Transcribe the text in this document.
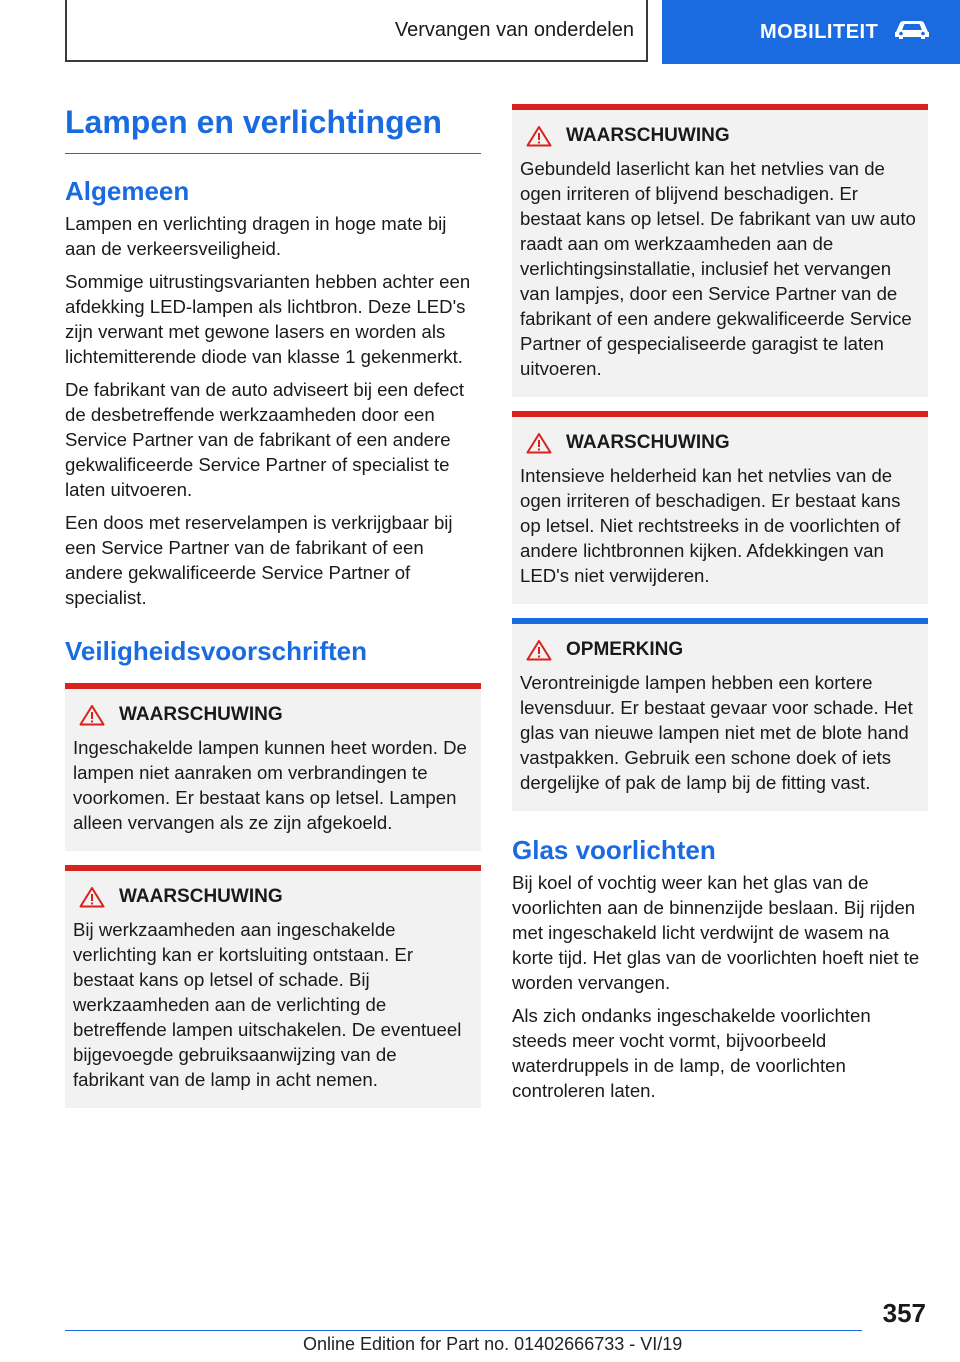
Vervangen van onderdelen	MOBILITEIT
Lampen en verlichtingen
Algemeen

Lampen en verlichting dragen in hoge mate bij aan de verkeersveiligheid.

Sommige uitrustingsvarianten hebben achter een afdekking LED-lampen als lichtbron. Deze LED's zijn verwant met gewone lasers en worden als lichtemitterende diode van klasse 1 gekenmerkt.

De fabrikant van de auto adviseert bij een defect de desbetreffende werkzaamheden door een Service Partner van de fabrikant of een andere gekwalificeerde Service Partner of specialist te laten uitvoeren.

Een doos met reservelampen is verkrijgbaar bij een Service Partner van de fabrikant of een andere gekwalificeerde Service Partner of specialist.

Veiligheidsvoorschriften
WAARSCHUWING

Ingeschakelde lampen kunnen heet worden. De lampen niet aanraken om verbrandingen te voorkomen. Er bestaat kans op letsel. Lampen alleen vervangen als ze zijn afgekoeld.

WAARSCHUWING

Bij werkzaamheden aan ingeschakelde verlichting kan er kortsluiting ontstaan. Er bestaat kans op letsel of schade. Bij werkzaamheden aan de verlichting de betreffende lampen uitschakelen. De eventueel bijgevoegde gebruiksaanwijzing van de fabrikant van de lamp in acht nemen.

WAARSCHUWING

Gebundeld laserlicht kan het netvlies van de ogen irriteren of blijvend beschadigen. Er bestaat kans op letsel. De fabrikant van uw auto raadt aan om werkzaamheden aan de verlichtingsinstallatie, inclusief het vervangen van lampjes, door een Service Partner van de fabrikant of een andere gekwalificeerde Service Partner of gespecialiseerde garagist te laten uitvoeren.

WAARSCHUWING

Intensieve helderheid kan het netvlies van de ogen irriteren of beschadigen. Er bestaat kans op letsel. Niet rechtstreeks in de voorlichten of andere lichtbronnen kijken. Afdekkingen van LED's niet verwijderen.

OPMERKING

Verontreinigde lampen hebben een kortere levensduur. Er bestaat gevaar voor schade. Het glas van nieuwe lampen niet met de blote hand vastpakken. Gebruik een schone doek of iets dergelijke of pak de lamp bij de fitting vast.

Glas voorlichten

Bij koel of vochtig weer kan het glas van de voorlichten aan de binnenzijde beslaan. Bij rijden met ingeschakeld licht verdwijnt de wasem na korte tijd. Het glas van de voorlichten hoeft niet te worden vervangen.

Als zich ondanks ingeschakelde voorlichten steeds meer vocht vormt, bijvoorbeeld waterdruppels in de lamp, de voorlichten controleren laten.

357
Online Edition for Part no. 01402666733 - VI/19
